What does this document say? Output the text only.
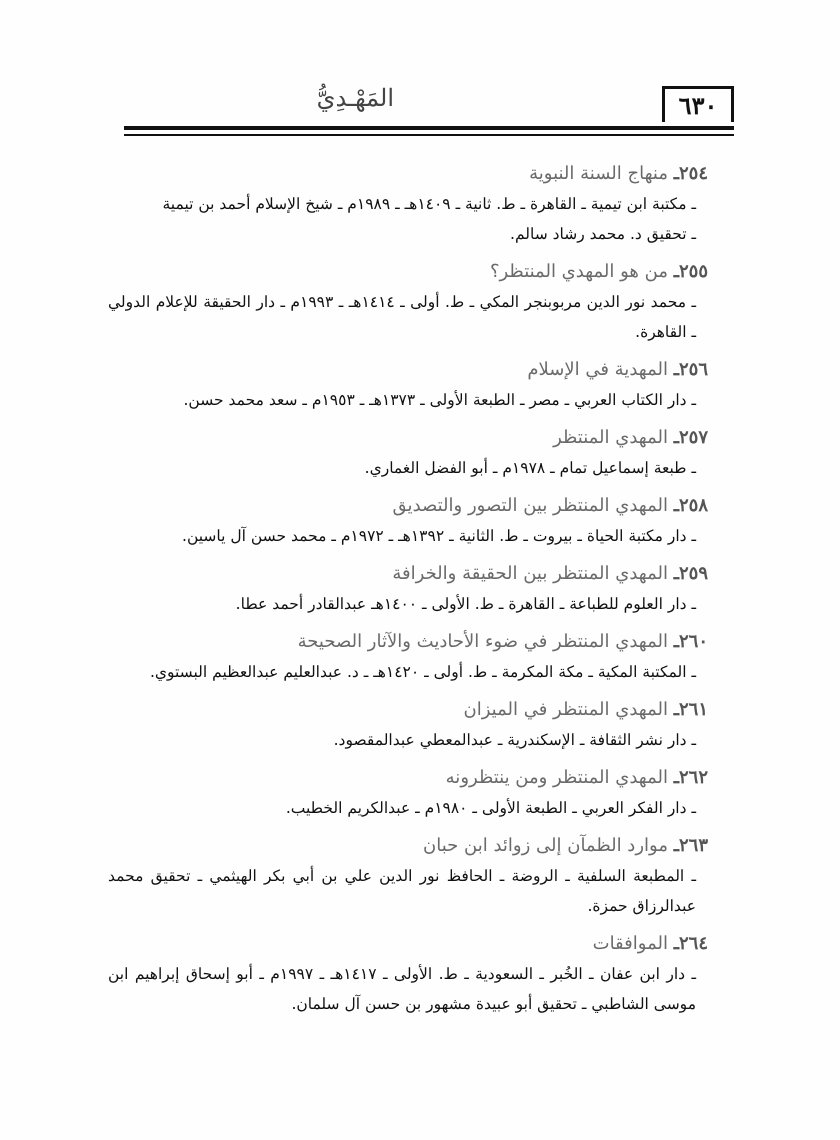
٦٣٠
المَهْـدِيُّ
٢٥٤ـ منهاج السنة النبوية
ـ مكتبة ابن تيمية ـ القاهرة ـ ط. ثانية ـ ١٤٠٩هـ ـ ١٩٨٩م ـ شيخ الإسلام أحمد بن تيمية
ـ تحقيق د. محمد رشاد سالم.
٢٥٥ـ من هو المهدي المنتظر؟
ـ محمد نور الدين مربوبنجر المكي ـ ط. أولى ـ ١٤١٤هـ ـ ١٩٩٣م ـ دار الحقيقة للإعلام الدولي ـ القاهرة.
٢٥٦ـ المهدية في الإسلام
ـ دار الكتاب العربي ـ مصر ـ الطبعة الأولى ـ ١٣٧٣هـ ـ ١٩٥٣م ـ سعد محمد حسن.
٢٥٧ـ المهدي المنتظر
ـ طبعة إسماعيل تمام ـ ١٩٧٨م ـ أبو الفضل الغماري.
٢٥٨ـ المهدي المنتظر بين التصور والتصديق
ـ دار مكتبة الحياة ـ بيروت ـ ط. الثانية ـ ١٣٩٢هـ ـ ١٩٧٢م ـ محمد حسن آل ياسين.
٢٥٩ـ المهدي المنتظر بين الحقيقة والخرافة
ـ دار العلوم للطباعة ـ القاهرة ـ ط. الأولى ـ ١٤٠٠هـ عبدالقادر أحمد عطا.
٢٦٠ـ المهدي المنتظر في ضوء الأحاديث والآثار الصحيحة
ـ المكتبة المكية ـ مكة المكرمة ـ ط. أولى ـ ١٤٢٠هـ ـ د. عبدالعليم عبدالعظيم البستوي.
٢٦١ـ المهدي المنتظر في الميزان
ـ دار نشر الثقافة ـ الإسكندرية ـ عبدالمعطي عبدالمقصود.
٢٦٢ـ المهدي المنتظر ومن ينتظرونه
ـ دار الفكر العربي ـ الطبعة الأولى ـ ١٩٨٠م ـ عبدالكريم الخطيب.
٢٦٣ـ موارد الظمآن إلى زوائد ابن حبان
ـ المطبعة السلفية ـ الروضة ـ الحافظ نور الدين علي بن أبي بكر الهيثمي ـ تحقيق محمد عبدالرزاق حمزة.
٢٦٤ـ الموافقات
ـ دار ابن عفان ـ الخُبر ـ السعودية ـ ط. الأولى ـ ١٤١٧هـ ـ ١٩٩٧م ـ أبو إسحاق إبراهيم ابن موسى الشاطبي ـ تحقيق أبو عبيدة مشهور بن حسن آل سلمان.
